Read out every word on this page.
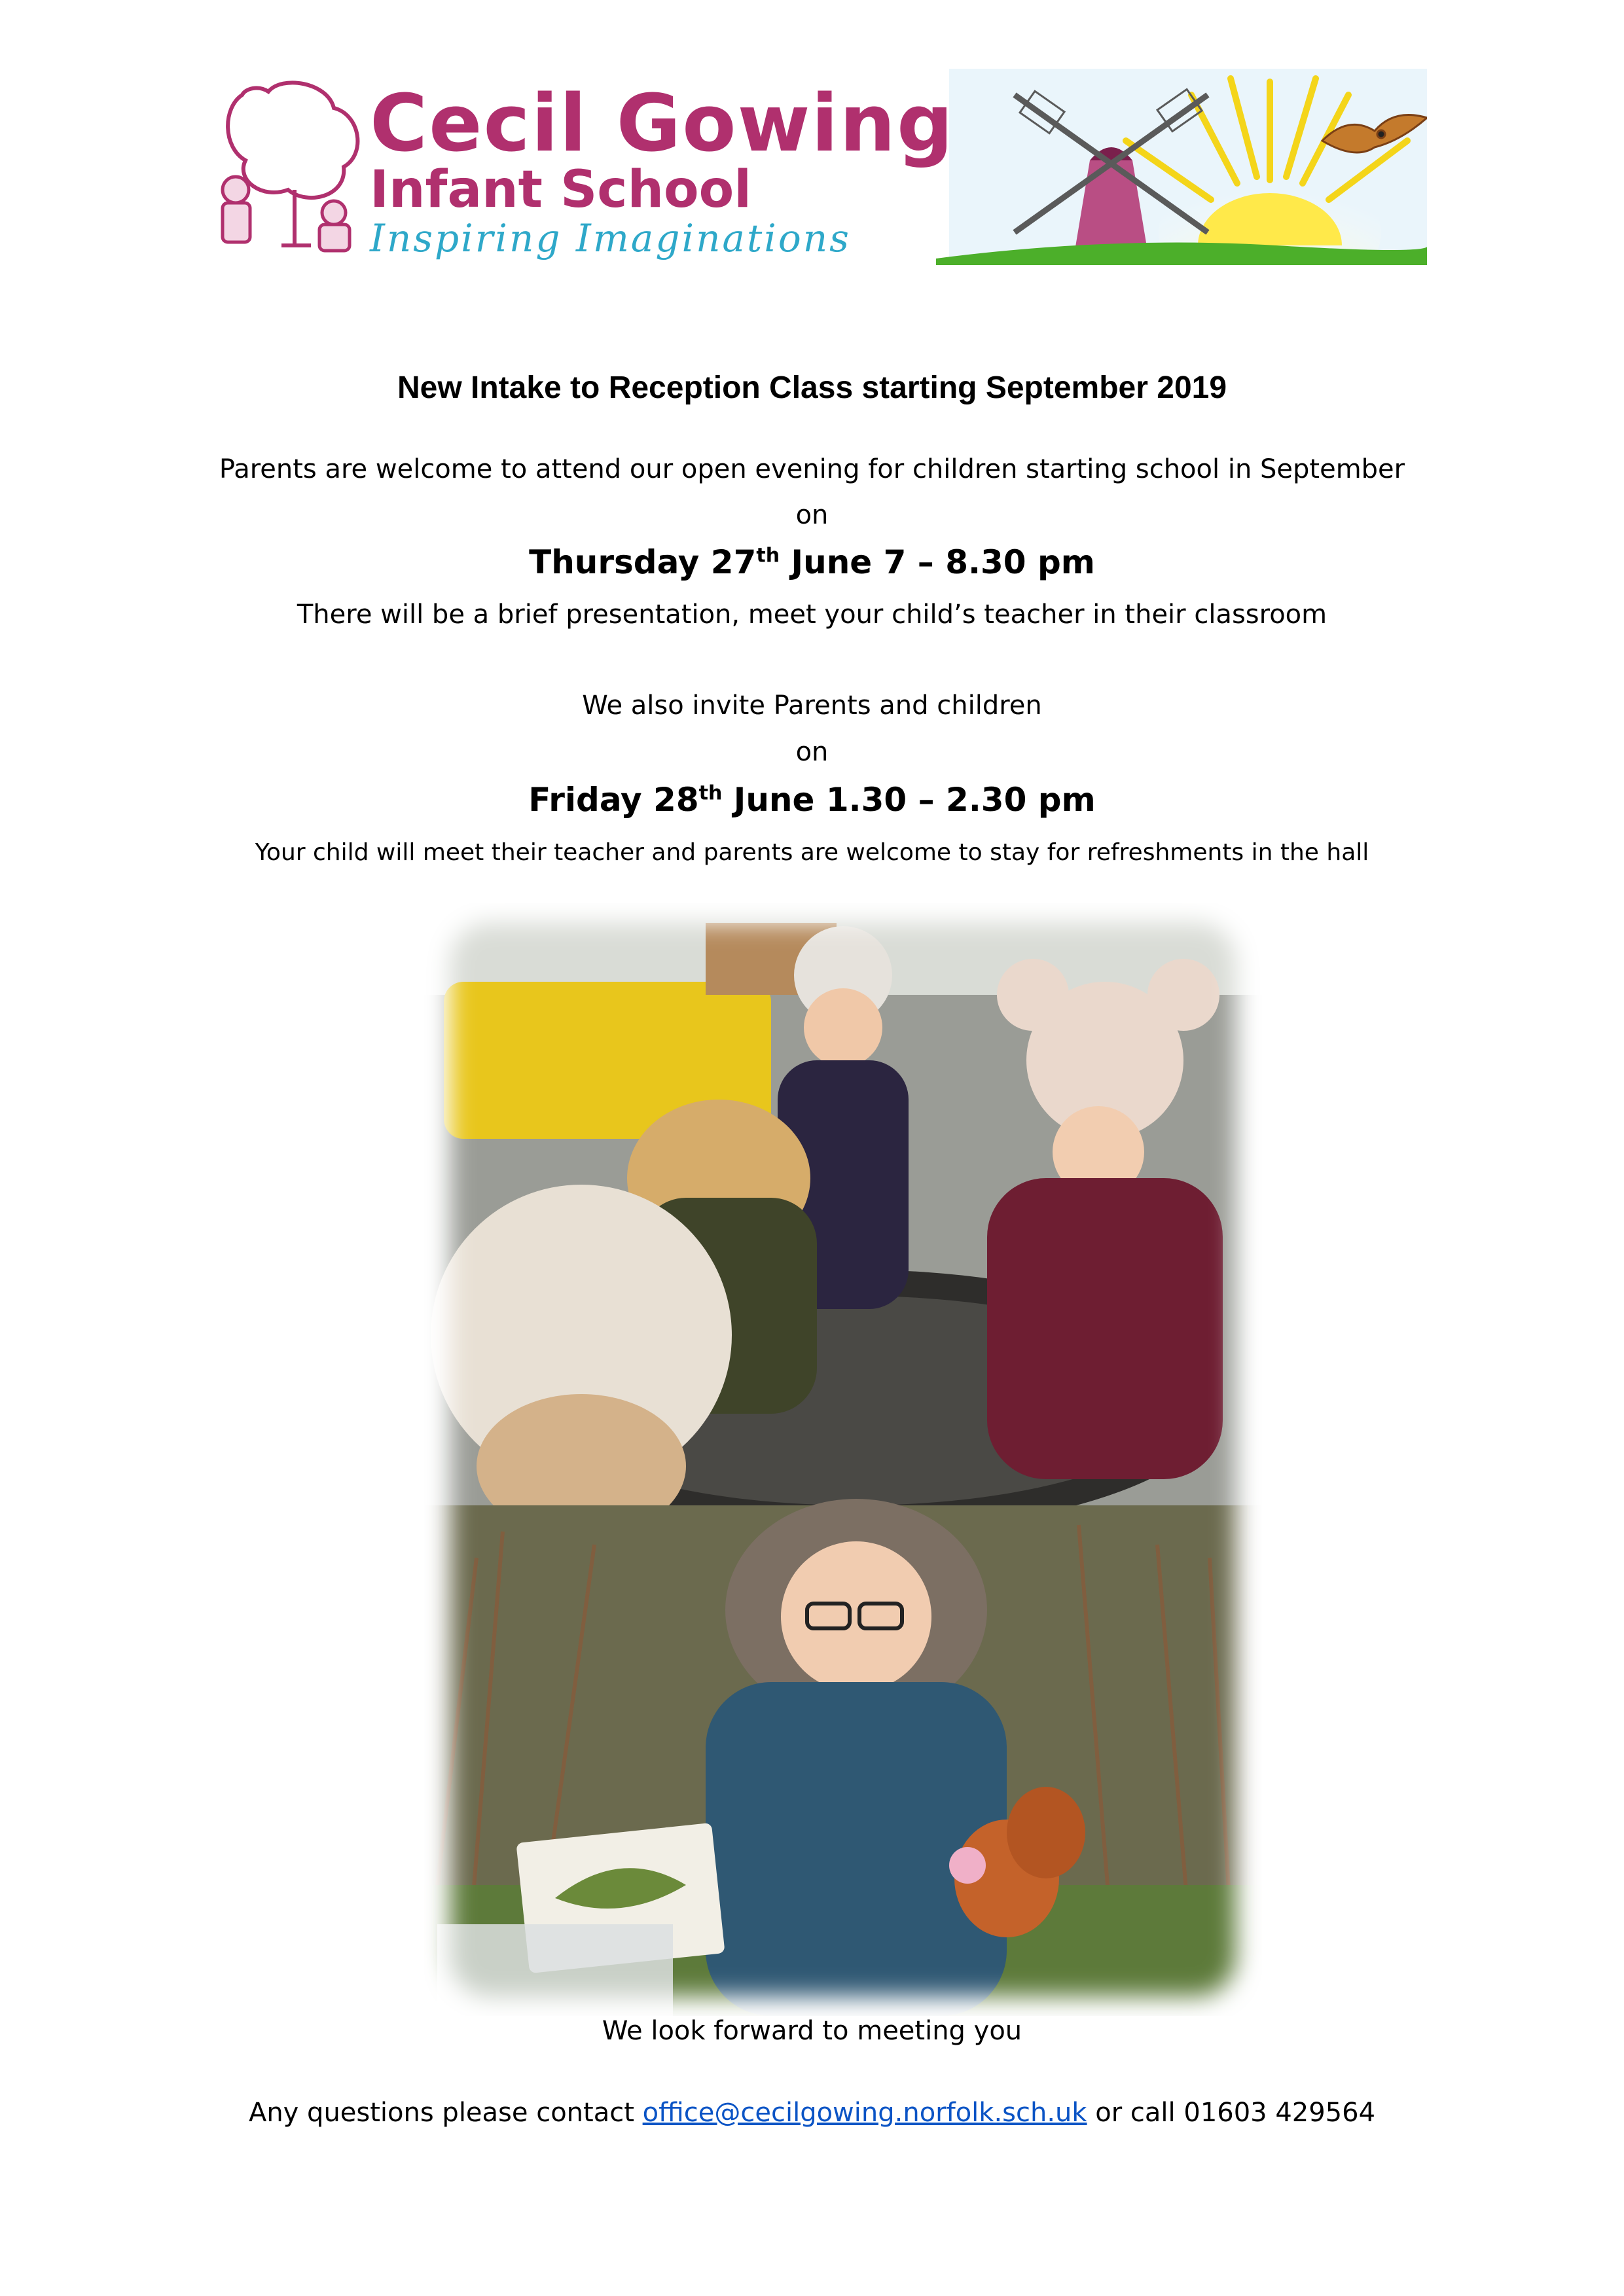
Cecil Gowing
Infant School
Inspiring Imaginations
New Intake to Reception Class starting September 2019
Parents are welcome to attend our open evening for children starting school in September
on
Thursday 27th June 7 – 8.30 pm
There will be a brief presentation, meet your child’s teacher in their classroom
We also invite Parents and children
on
Friday 28th June 1.30 – 2.30 pm
Your child will meet their teacher and parents are welcome to stay for refreshments in the hall
We look forward to meeting you
Any questions please contact office@cecilgowing.norfolk.sch.uk or call 01603 429564
